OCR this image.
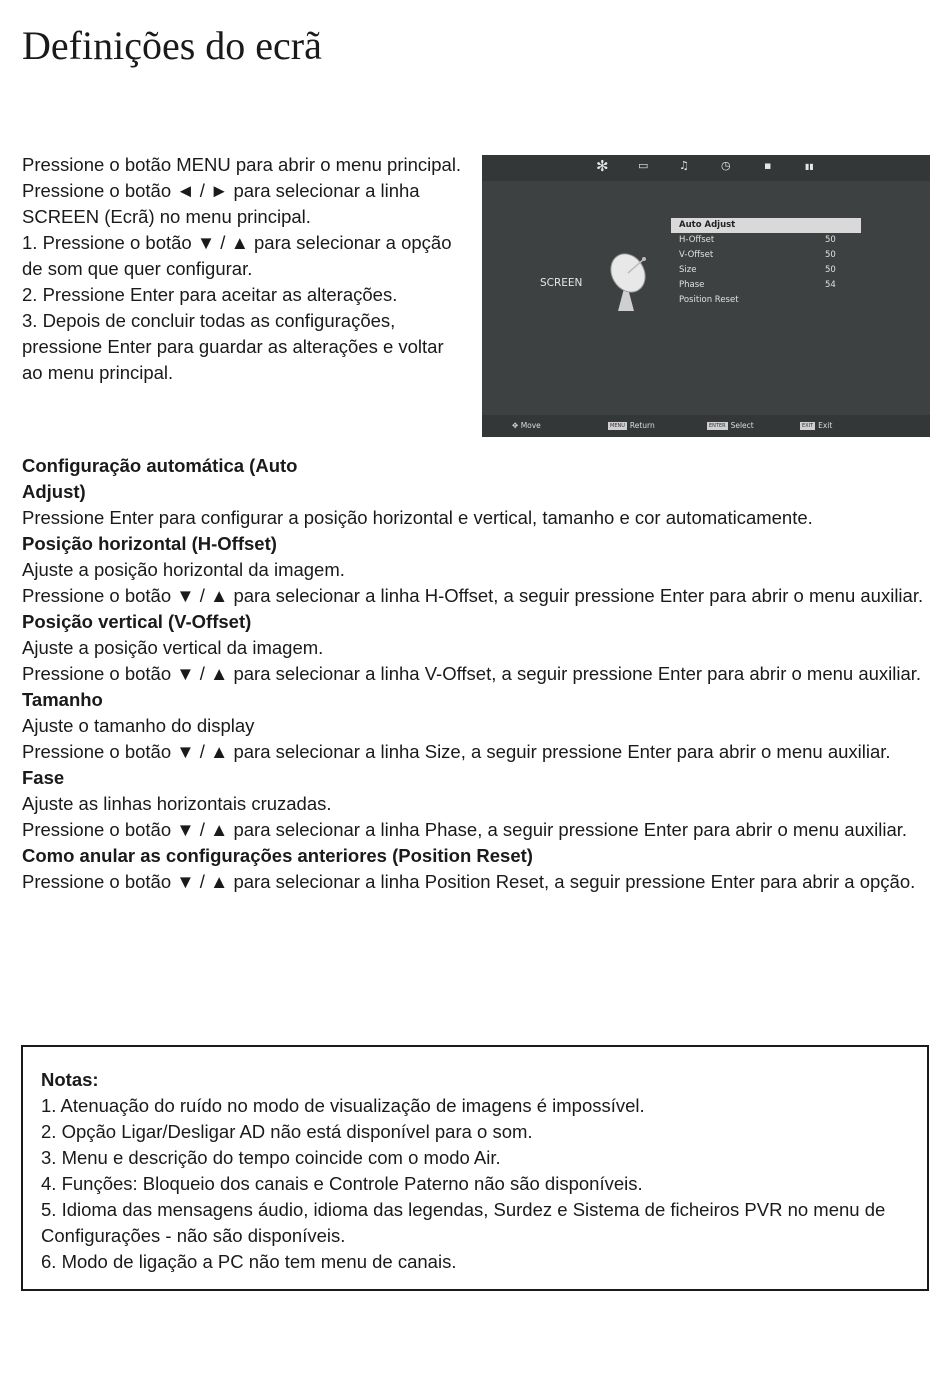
Definições do ecrã

Pressione o botão MENU para abrir o menu principal.

Pressione o botão ◄ / ► para selecionar a linha SCREEN (Ecrã) no menu principal.

1. Pressione o botão ▼ / ▲ para selecionar a opção de som que quer configurar.

2. Pressione Enter para aceitar as alterações.

3. Depois de concluir todas as configurações, pressione Enter para guardar as alterações e voltar ao menu principal.

✻	▭	♫	◷	▪	▮▮
SCREEN
Auto Adjust
H-Offset	50
V-Offset	50
Size	50
Phase	54
Position Reset
✥ Move	MENU Return	ENTER Select	EXIT Exit

Configuração automática (Auto Adjust)

Pressione Enter para configurar a posição horizontal e vertical, tamanho e cor automaticamente.

Posição horizontal (H-Offset)

Ajuste a posição horizontal da imagem.

Pressione o botão ▼ / ▲ para selecionar a linha H-Offset, a seguir pressione Enter para abrir o menu auxiliar.

Posição vertical (V-Offset)

Ajuste a posição vertical da imagem.

Pressione o botão ▼ / ▲ para selecionar a linha V-Offset, a seguir pressione Enter para abrir o menu auxiliar.

Tamanho

Ajuste o tamanho do display

Pressione o botão ▼ / ▲ para selecionar a linha Size, a seguir pressione Enter para abrir o menu auxiliar.

Fase

Ajuste as linhas horizontais cruzadas.

Pressione o botão ▼ / ▲ para selecionar a linha Phase, a seguir pressione Enter para abrir o menu auxiliar.

Como anular as configurações anteriores (Position Reset)

Pressione o botão ▼ / ▲ para selecionar a linha Position Reset, a seguir pressione Enter para abrir a opção.

Notas:

1. Atenuação do ruído no modo de visualização de imagens é impossível.

2. Opção Ligar/Desligar AD não está disponível para o som.

3. Menu e descrição do tempo coincide com o modo Air.

4. Funções: Bloqueio dos canais e Controle Paterno não são disponíveis.

5. Idioma das mensagens áudio, idioma das legendas, Surdez e Sistema de ficheiros PVR no menu de Configurações - não são disponíveis.

6. Modo de ligação a PC não tem menu de canais.
